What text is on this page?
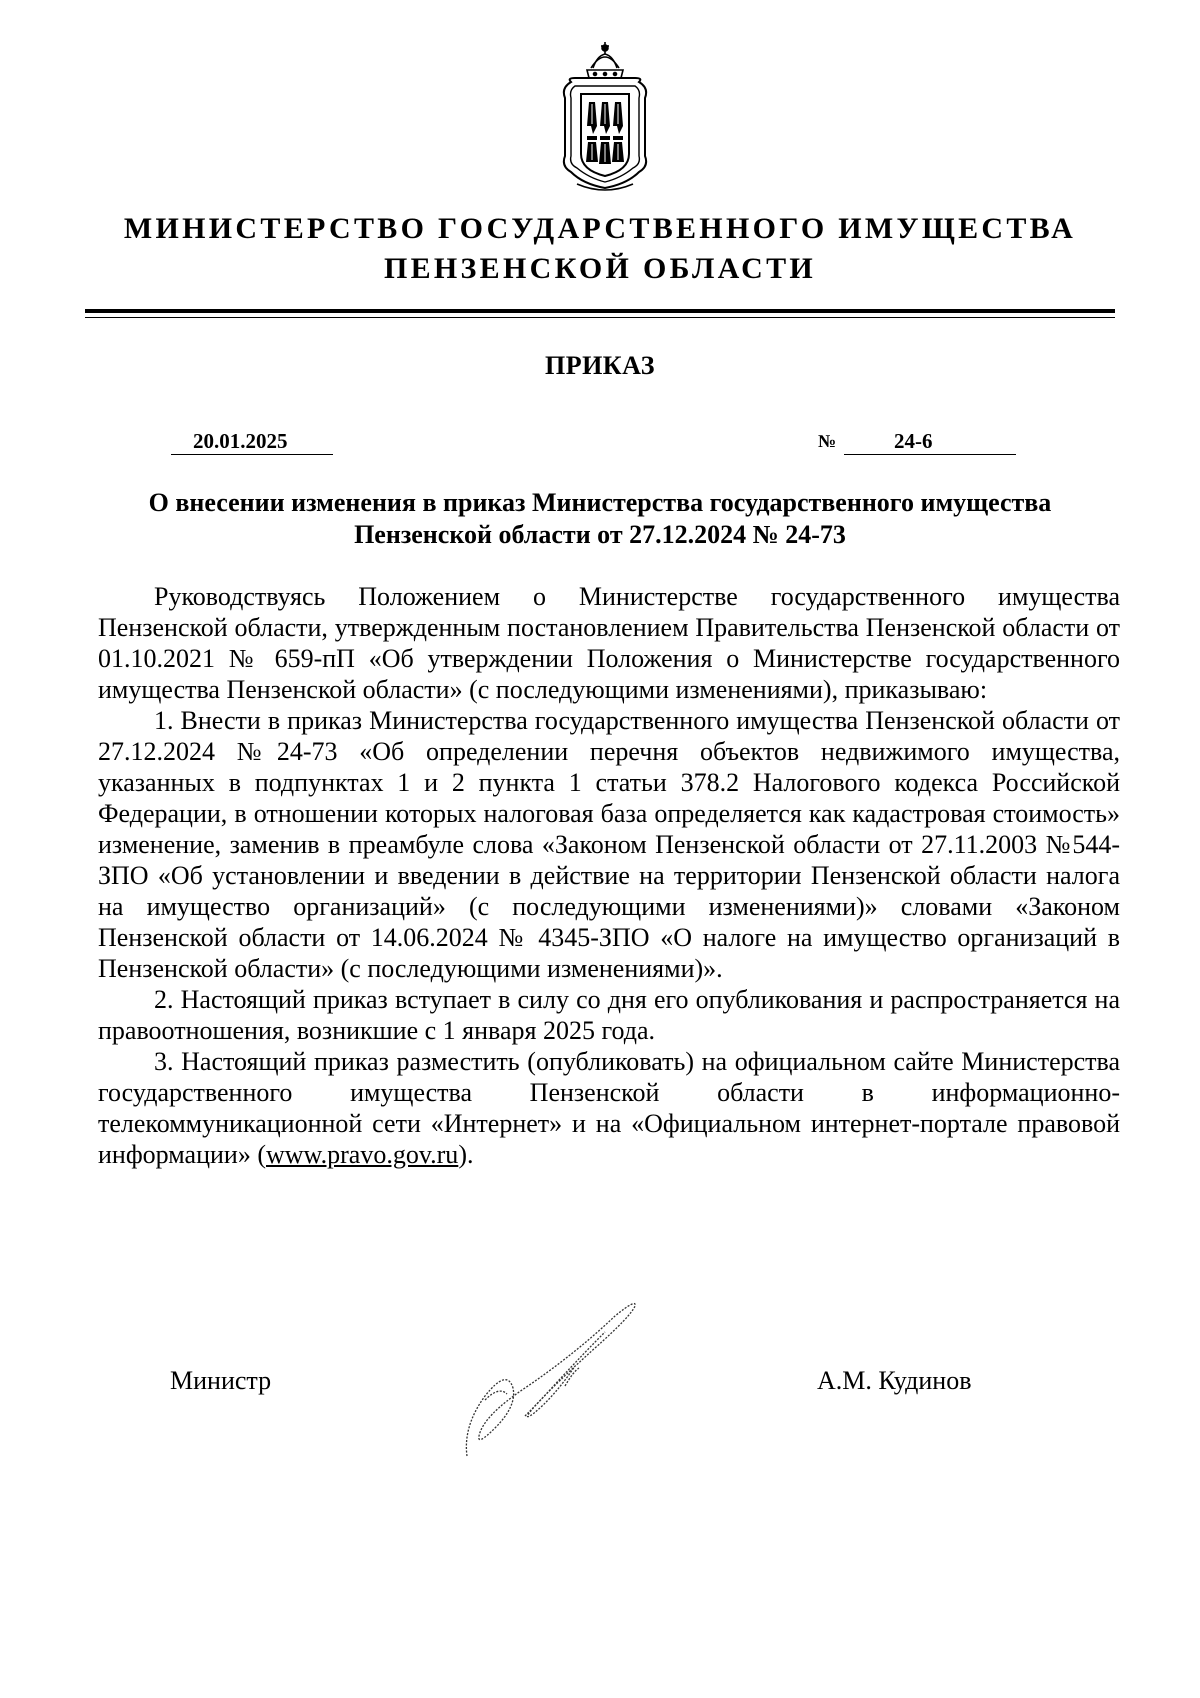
МИНИСТЕРСТВО ГОСУДАРСТВЕННОГО ИМУЩЕСТВА
ПЕНЗЕНСКОЙ ОБЛАСТИ
ПРИКАЗ
20.01.2025	№	24-6
О внесении изменения в приказ Министерства государственного имущества
Пензенской области от 27.12.2024 № 24-73

Руководствуясь Положением о Министерстве государственного имущества Пензенской области, утвержденным постановлением Правительства Пензенской области от 01.10.2021 № 659-пП «Об утверждении Положения о Министерстве государственного имущества Пензенской области» (с последующими изменениями), приказываю:

1. Внести в приказ Министерства государственного имущества Пензенской области от 27.12.2024 №24-73 «Об определении перечня объектов недвижимого имущества, указанных в подпунктах 1 и 2 пункта 1 статьи 378.2 Налогового кодекса Российской Федерации, в отношении которых налоговая база определяется как кадастровая стоимость» изменение, заменив в преамбуле слова «Законом Пензенской области от 27.11.2003 №544-ЗПО «Об установлении и введении в действие на территории Пензенской области налога на имущество организаций» (с последующими изменениями)» словами «Законом Пензенской области от 14.06.2024 № 4345-ЗПО «О налоге на имущество организаций в Пензенской области» (с последующими изменениями)».

2. Настоящий приказ вступает в силу со дня его опубликования и распространяется на правоотношения, возникшие с 1 января 2025 года.

3. Настоящий приказ разместить (опубликовать) на официальном сайте Министерства государственного имущества Пензенской области в информационно-телекоммуникационной сети «Интернет» и на «Официальном интернет-портале правовой информации» (www.pravo.gov.ru).

Министр	А.М. Кудинов
